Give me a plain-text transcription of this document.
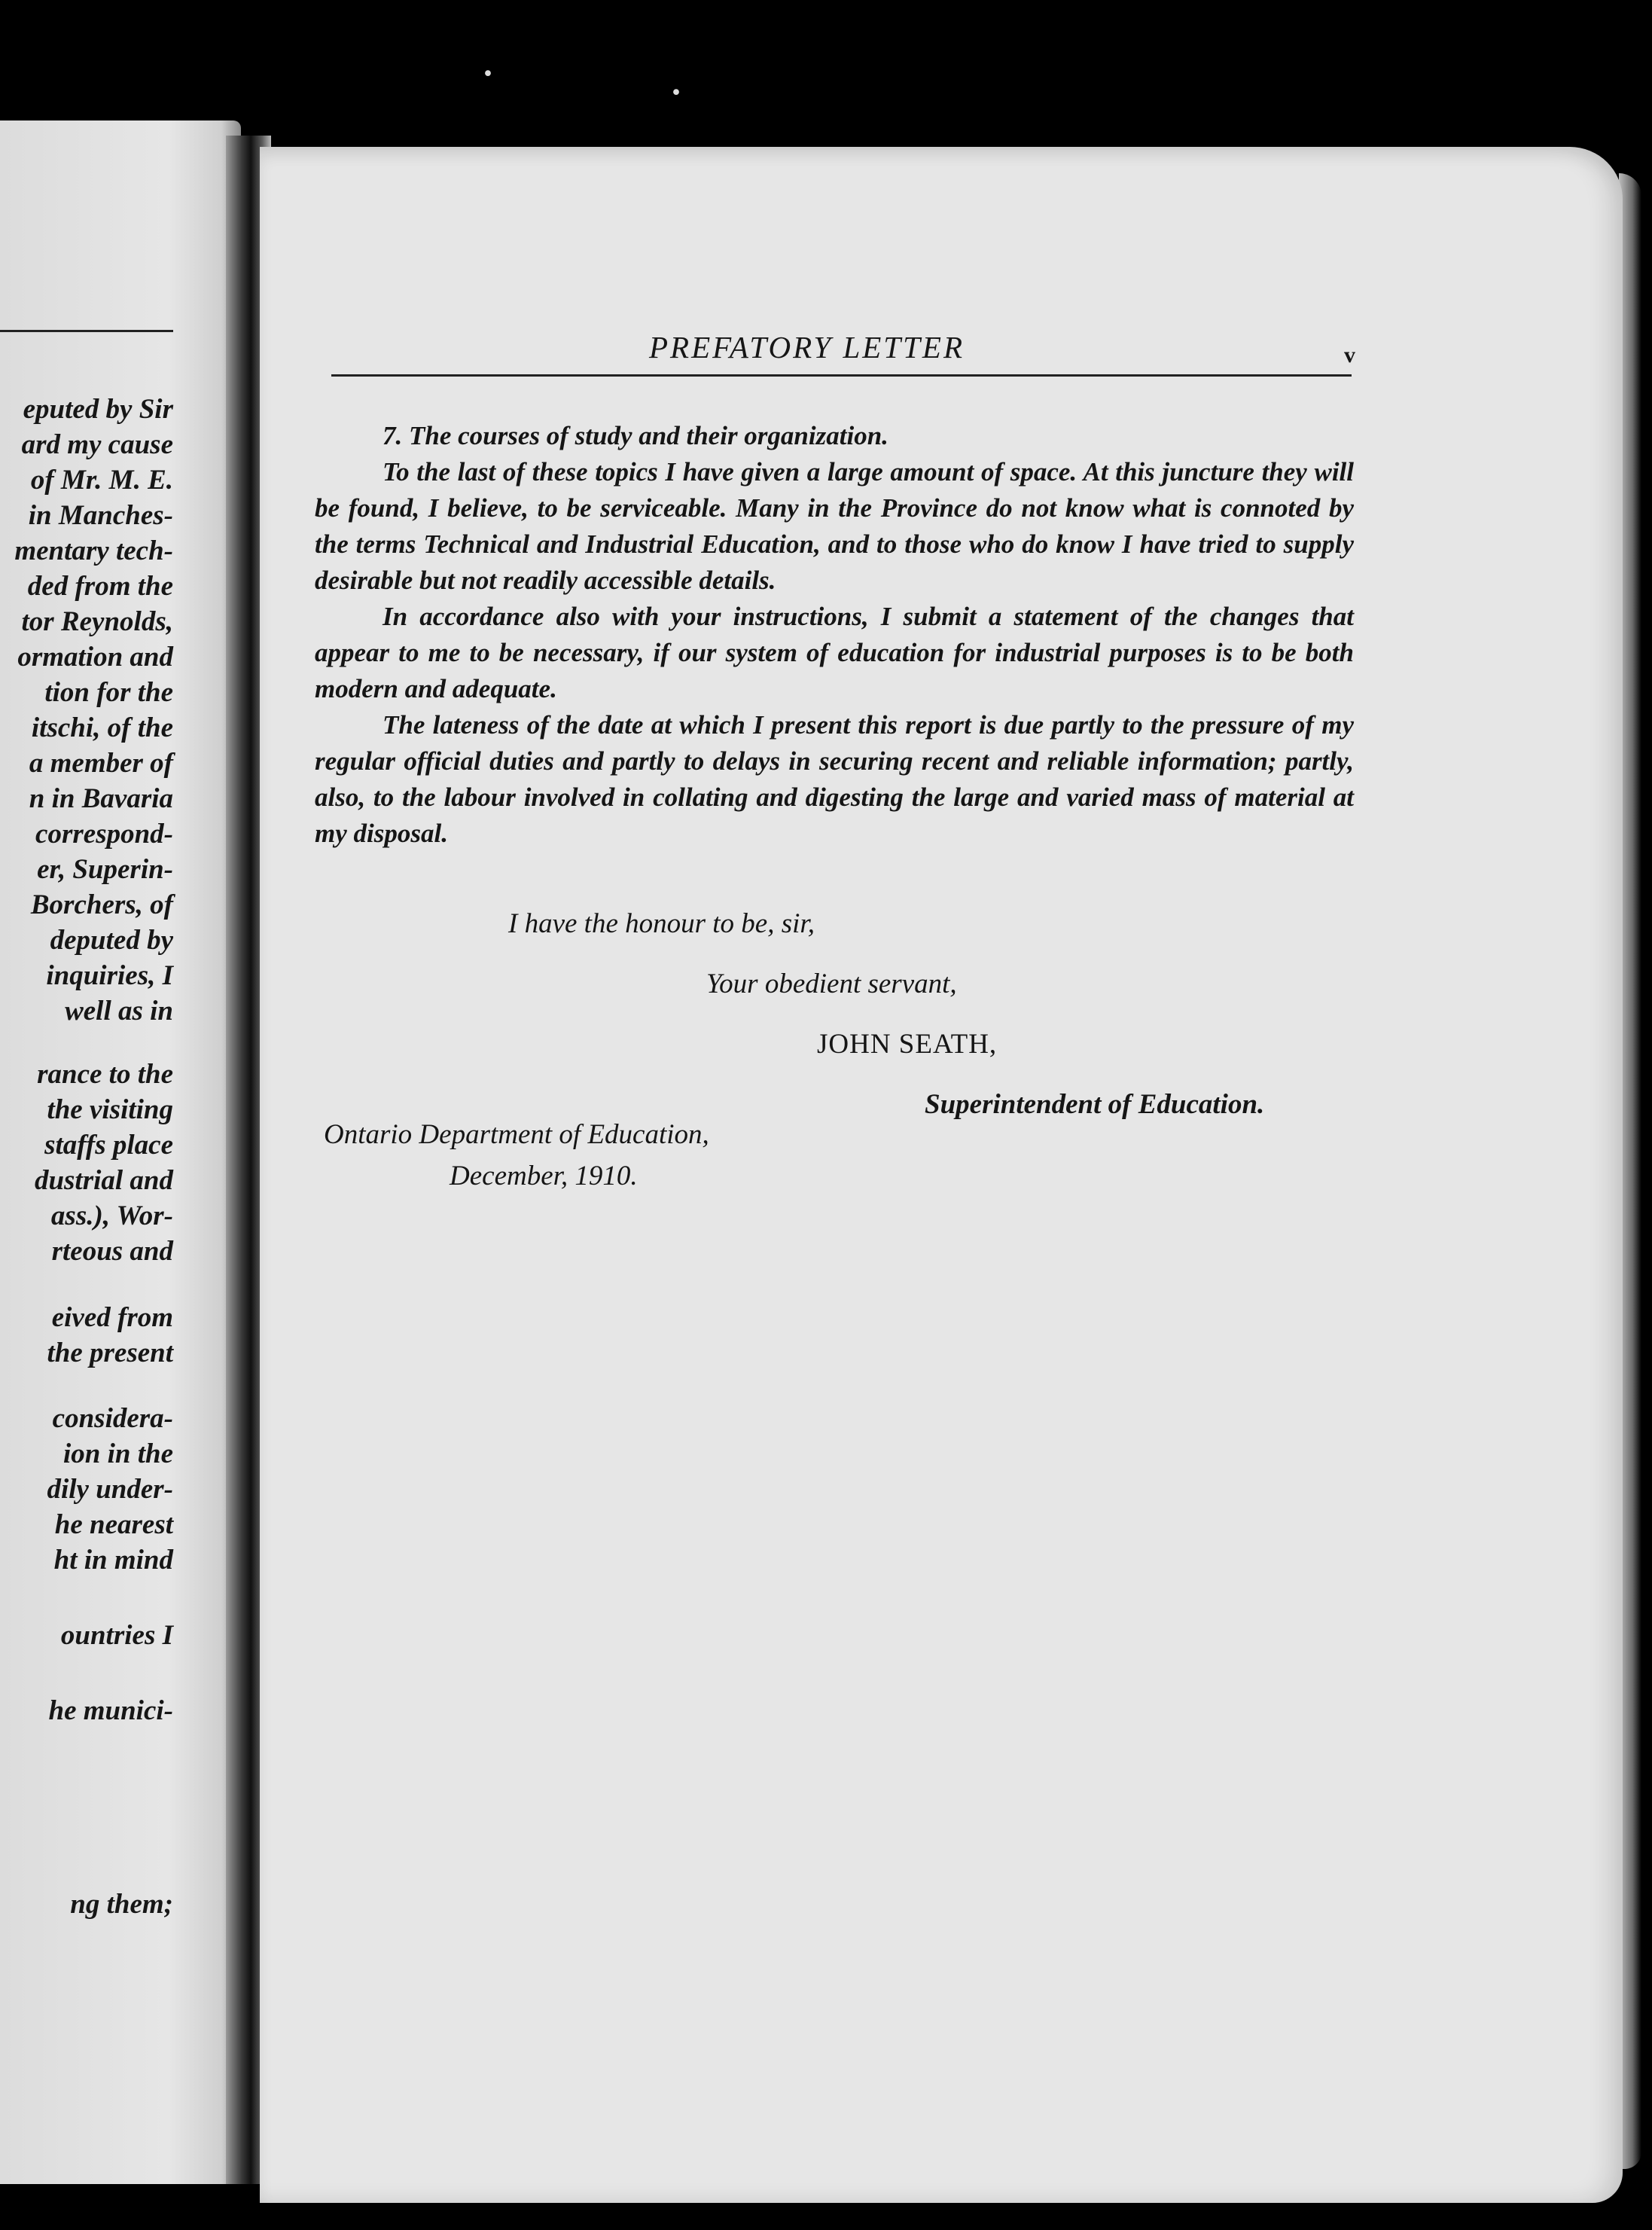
eputed by Sir
ard my cause
of Mr. M. E.
in Manches-
mentary tech-
ded from the
tor Reynolds,
ormation and
tion for the
itschi, of the
a member of
n in Bavaria
correspond-
er, Superin-
Borchers, of
deputed by
inquiries, I
well as in
rance to the
the visiting
staffs place
dustrial and
ass.), Wor-
rteous and
eived from
the present
considera-
ion in the
dily under-
he nearest
ht in mind
ountries I
he munici-
ng them;
·	·
PREFATORY LETTER	v

7. The courses of study and their organization.

To the last of these topics I have given a large amount of space. At this juncture they will be found, I believe, to be serviceable. Many in the Province do not know what is connoted by the terms Technical and Industrial Education, and to those who do know I have tried to supply desirable but not readily accessible details.

In accordance also with your instructions, I submit a statement of the changes that appear to me to be necessary, if our system of education for industrial purposes is to be both modern and adequate.

The lateness of the date at which I present this report is due partly to the pressure of my regular official duties and partly to delays in securing recent and reliable information; partly, also, to the labour involved in collating and digesting the large and varied mass of material at my disposal.

I have the honour to be, sir,
Your obedient servant,
JOHN SEATH,
Superintendent of Education.
Ontario Department of Education,
December, 1910.
